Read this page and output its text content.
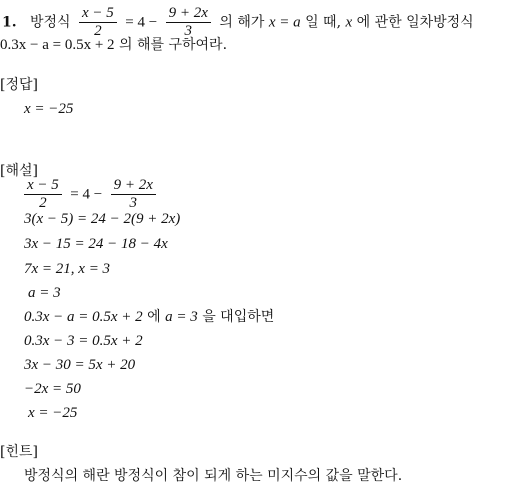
1. 방정식 $\frac{x - 5}{2} = 4 - \frac{9 + 2x}{3}$ 의 해가 x = a 일 때, x 에 관한 일차방정식
0.3x − a = 0.5x + 2 의 해를 구하여라.
[정답]
x = −25
[해설]
$\frac{x - 5}{2} = 4 - \frac{9 + 2x}{3}$
3(x − 5) = 24 − 2(9 + 2x)
3x − 15 = 24 − 18 − 4x
7x = 21, x = 3
a = 3
0.3x − a = 0.5x + 2 에 a = 3 을 대입하면
0.3x − 3 = 0.5x + 2
3x − 30 = 5x + 20
−2x = 50
x = −25
[힌트]
방정식의 해란 방정식이 참이 되게 하는 미지수의 값을 말한다.
